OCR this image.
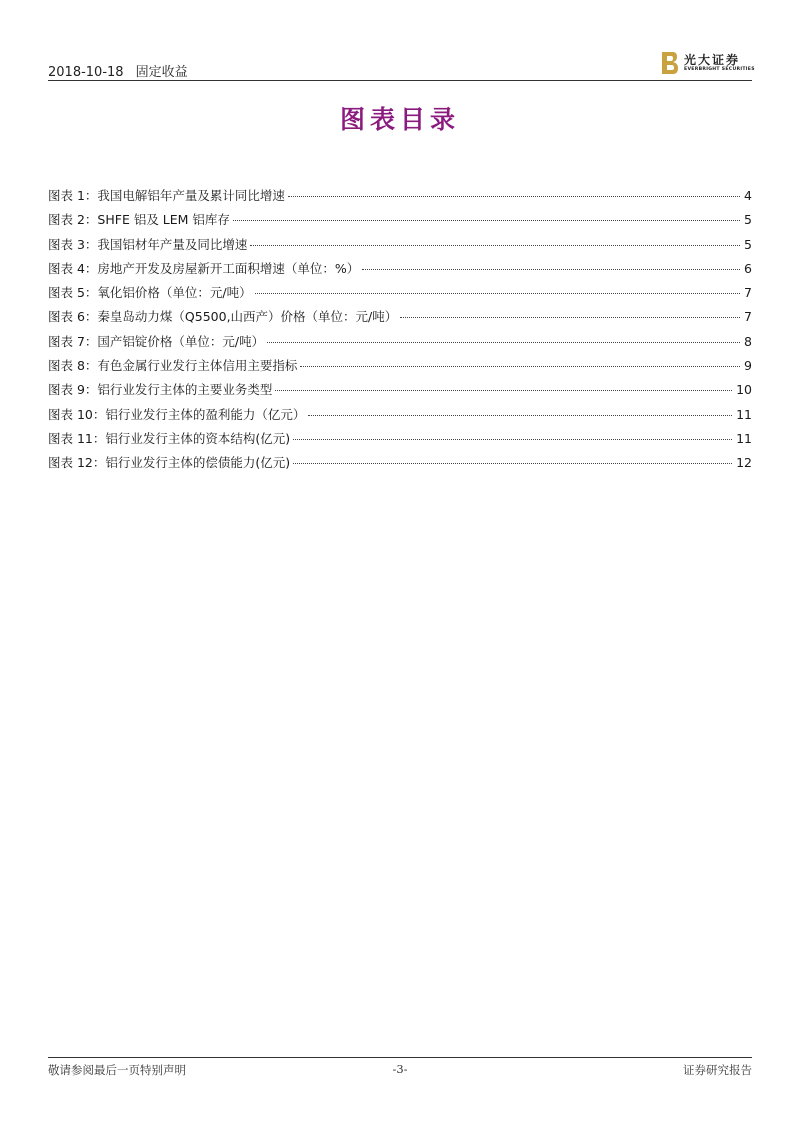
2018-10-18 固定收益
光大证券
EVERBRIGHT SECURITIES
图表目录
图表 1：我国电解铝年产量及累计同比增速	4
图表 2：SHFE 铝及 LEM 铝库存	5
图表 3：我国铝材年产量及同比增速	5
图表 4：房地产开发及房屋新开工面积增速（单位：%）	6
图表 5：氧化铝价格（单位：元/吨）	7
图表 6：秦皇岛动力煤（Q5500,山西产）价格（单位：元/吨）	7
图表 7：国产铝锭价格（单位：元/吨）	8
图表 8：有色金属行业发行主体信用主要指标	9
图表 9：铝行业发行主体的主要业务类型	10
图表 10：铝行业发行主体的盈利能力（亿元）	11
图表 11：铝行业发行主体的资本结构(亿元)	11
图表 12：铝行业发行主体的偿债能力(亿元)	12
敬请参阅最后一页特别声明	-3-	证券研究报告
